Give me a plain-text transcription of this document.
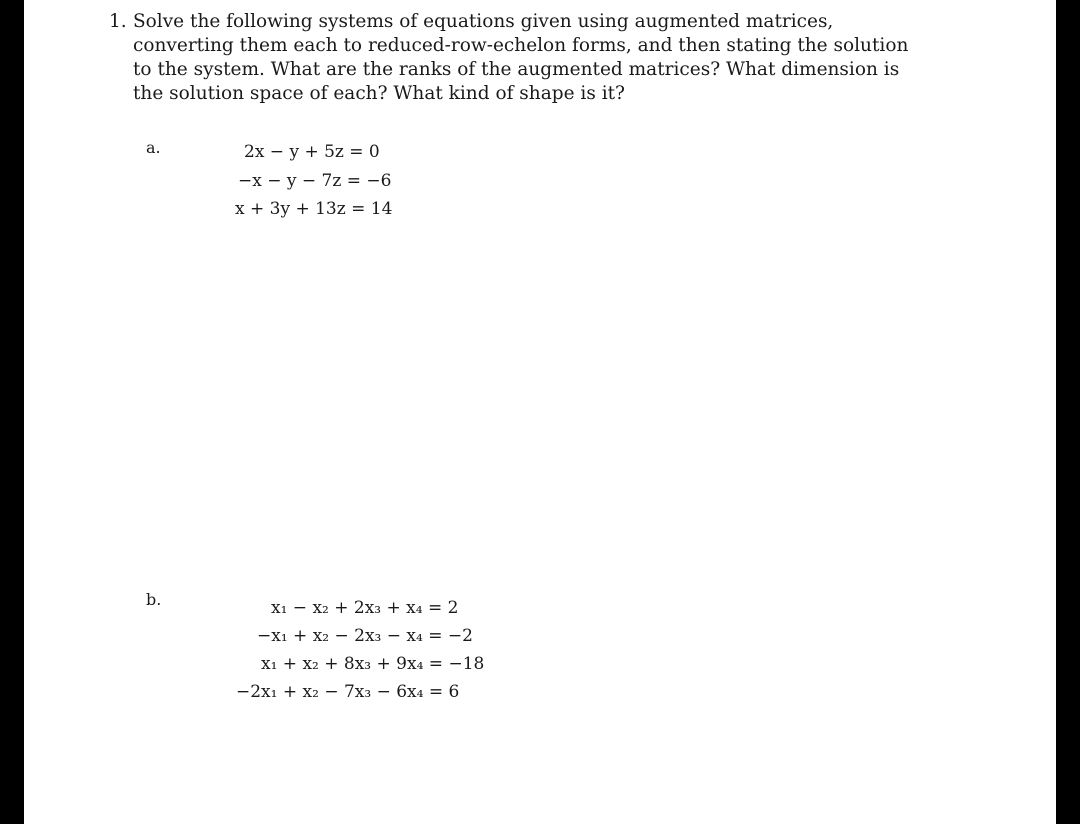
1. Solve the following systems of equations given using augmented matrices, converting them each to reduced-row-echelon forms, and then stating the solution to the system. What are the ranks of the augmented matrices? What dimension is the solution space of each? What kind of shape is it?
a.	2x − y + 5z = 0
−x − y − 7z = −6
x + 3y + 13z = 14
b.	x₁ − x₂ + 2x₃ + x₄ = 2
−x₁ + x₂ − 2x₃ − x₄ = −2
x₁ + x₂ + 8x₃ + 9x₄ = −18
−2x₁ + x₂ − 7x₃ − 6x₄ = 6
